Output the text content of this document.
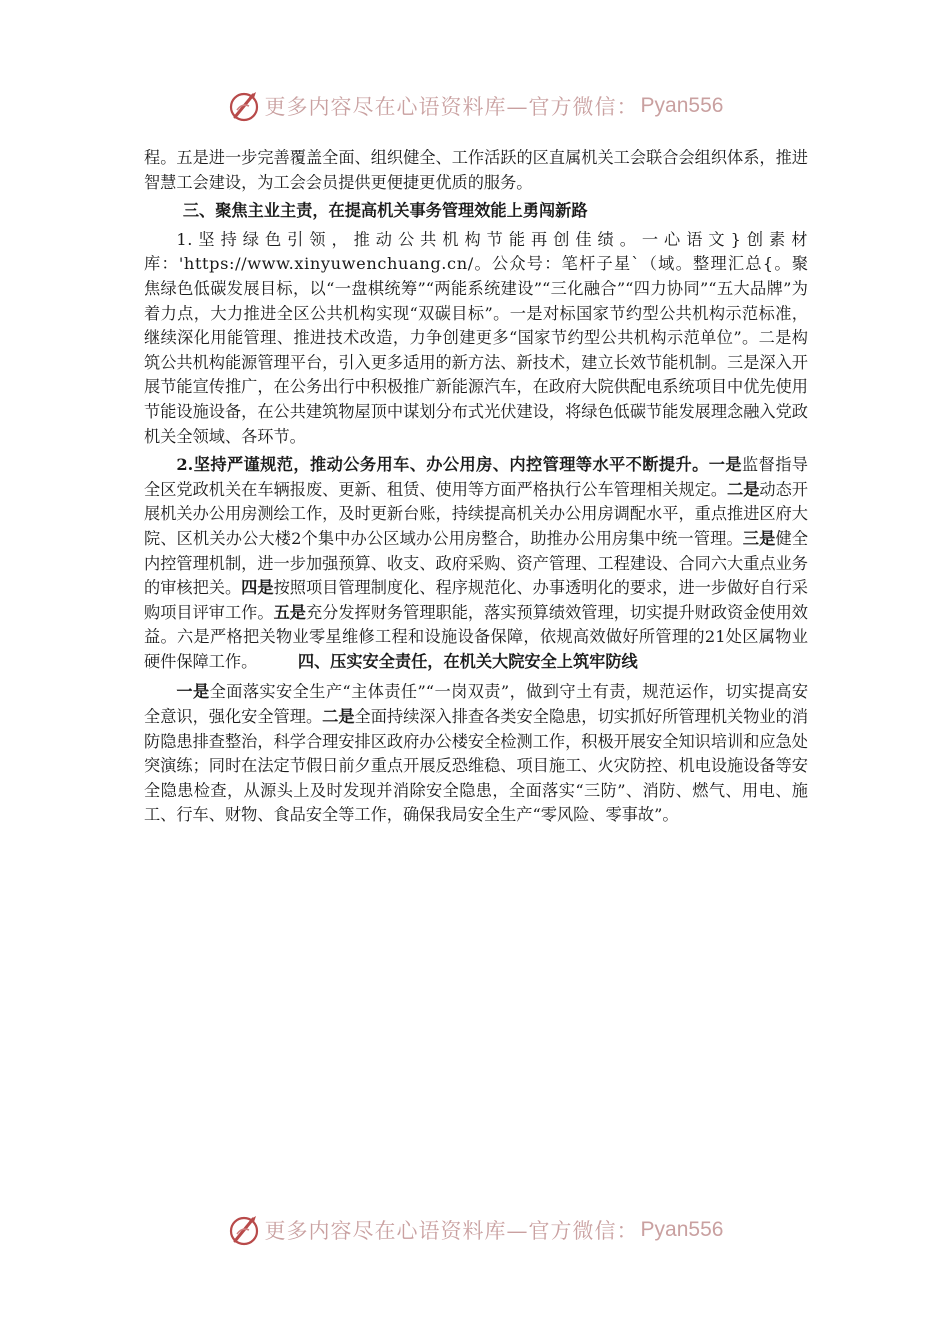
更多内容尽在心语资料库—官方微信： Pyan556

程。五是进一步完善覆盖全面、组织健全、工作活跃的区直属机关工会联合会组织体系，推进智慧工会建设，为工会会员提供更便捷更优质的服务。

三、聚焦主业主责，在提高机关事务管理效能上勇闯新路

1.坚持绿色引领，推动公共机构节能再创佳绩。一心语文}创素材库：'https://www.xinyuwenchuang.cn/。公众号：笔杆子星`（域。整理汇总{。聚焦绿色低碳发展目标，以“一盘棋统筹”“两能系统建设”“三化融合”“四力协同”“五大品牌”为着力点，大力推进全区公共机构实现“双碳目标”。一是对标国家节约型公共机构示范标准，继续深化用能管理、推进技术改造，力争创建更多“国家节约型公共机构示范单位”。二是构筑公共机构能源管理平台，引入更多适用的新方法、新技术，建立长效节能机制。三是深入开展节能宣传推广，在公务出行中积极推广新能源汽车，在政府大院供配电系统项目中优先使用节能设施设备，在公共建筑物屋顶中谋划分布式光伏建设，将绿色低碳节能发展理念融入党政机关全领域、各环节。

2.坚持严谨规范，推动公务用车、办公用房、内控管理等水平不断提升。一是监督指导全区党政机关在车辆报废、更新、租赁、使用等方面严格执行公车管理相关规定。二是动态开展机关办公用房测绘工作，及时更新台账，持续提高机关办公用房调配水平，重点推进区府大院、区机关办公大楼2个集中办公区域办公用房整合，助推办公用房集中统一管理。三是健全内控管理机制，进一步加强预算、收支、政府采购、资产管理、工程建设、合同六大重点业务的审核把关。四是按照项目管理制度化、程序规范化、办事透明化的要求，进一步做好自行采购项目评审工作。五是充分发挥财务管理职能，落实预算绩效管理，切实提升财政资金使用效益。六是严格把关物业零星维修工程和设施设备保障，依规高效做好所管理的21处区属物业硬件保障工作。	四、压实安全责任，在机关大院安全上筑牢防线

一是全面落实安全生产“主体责任”“一岗双责”，做到守土有责，规范运作，切实提高安全意识，强化安全管理。二是全面持续深入排查各类安全隐患，切实抓好所管理机关物业的消防隐患排查整治，科学合理安排区政府办公楼安全检测工作，积极开展安全知识培训和应急处突演练；同时在法定节假日前夕重点开展反恐维稳、项目施工、火灾防控、机电设施设备等安全隐患检查，从源头上及时发现并消除安全隐患，全面落实“三防”、消防、燃气、用电、施工、行车、财物、食品安全等工作，确保我局安全生产“零风险、零事故”。

更多内容尽在心语资料库—官方微信： Pyan556
